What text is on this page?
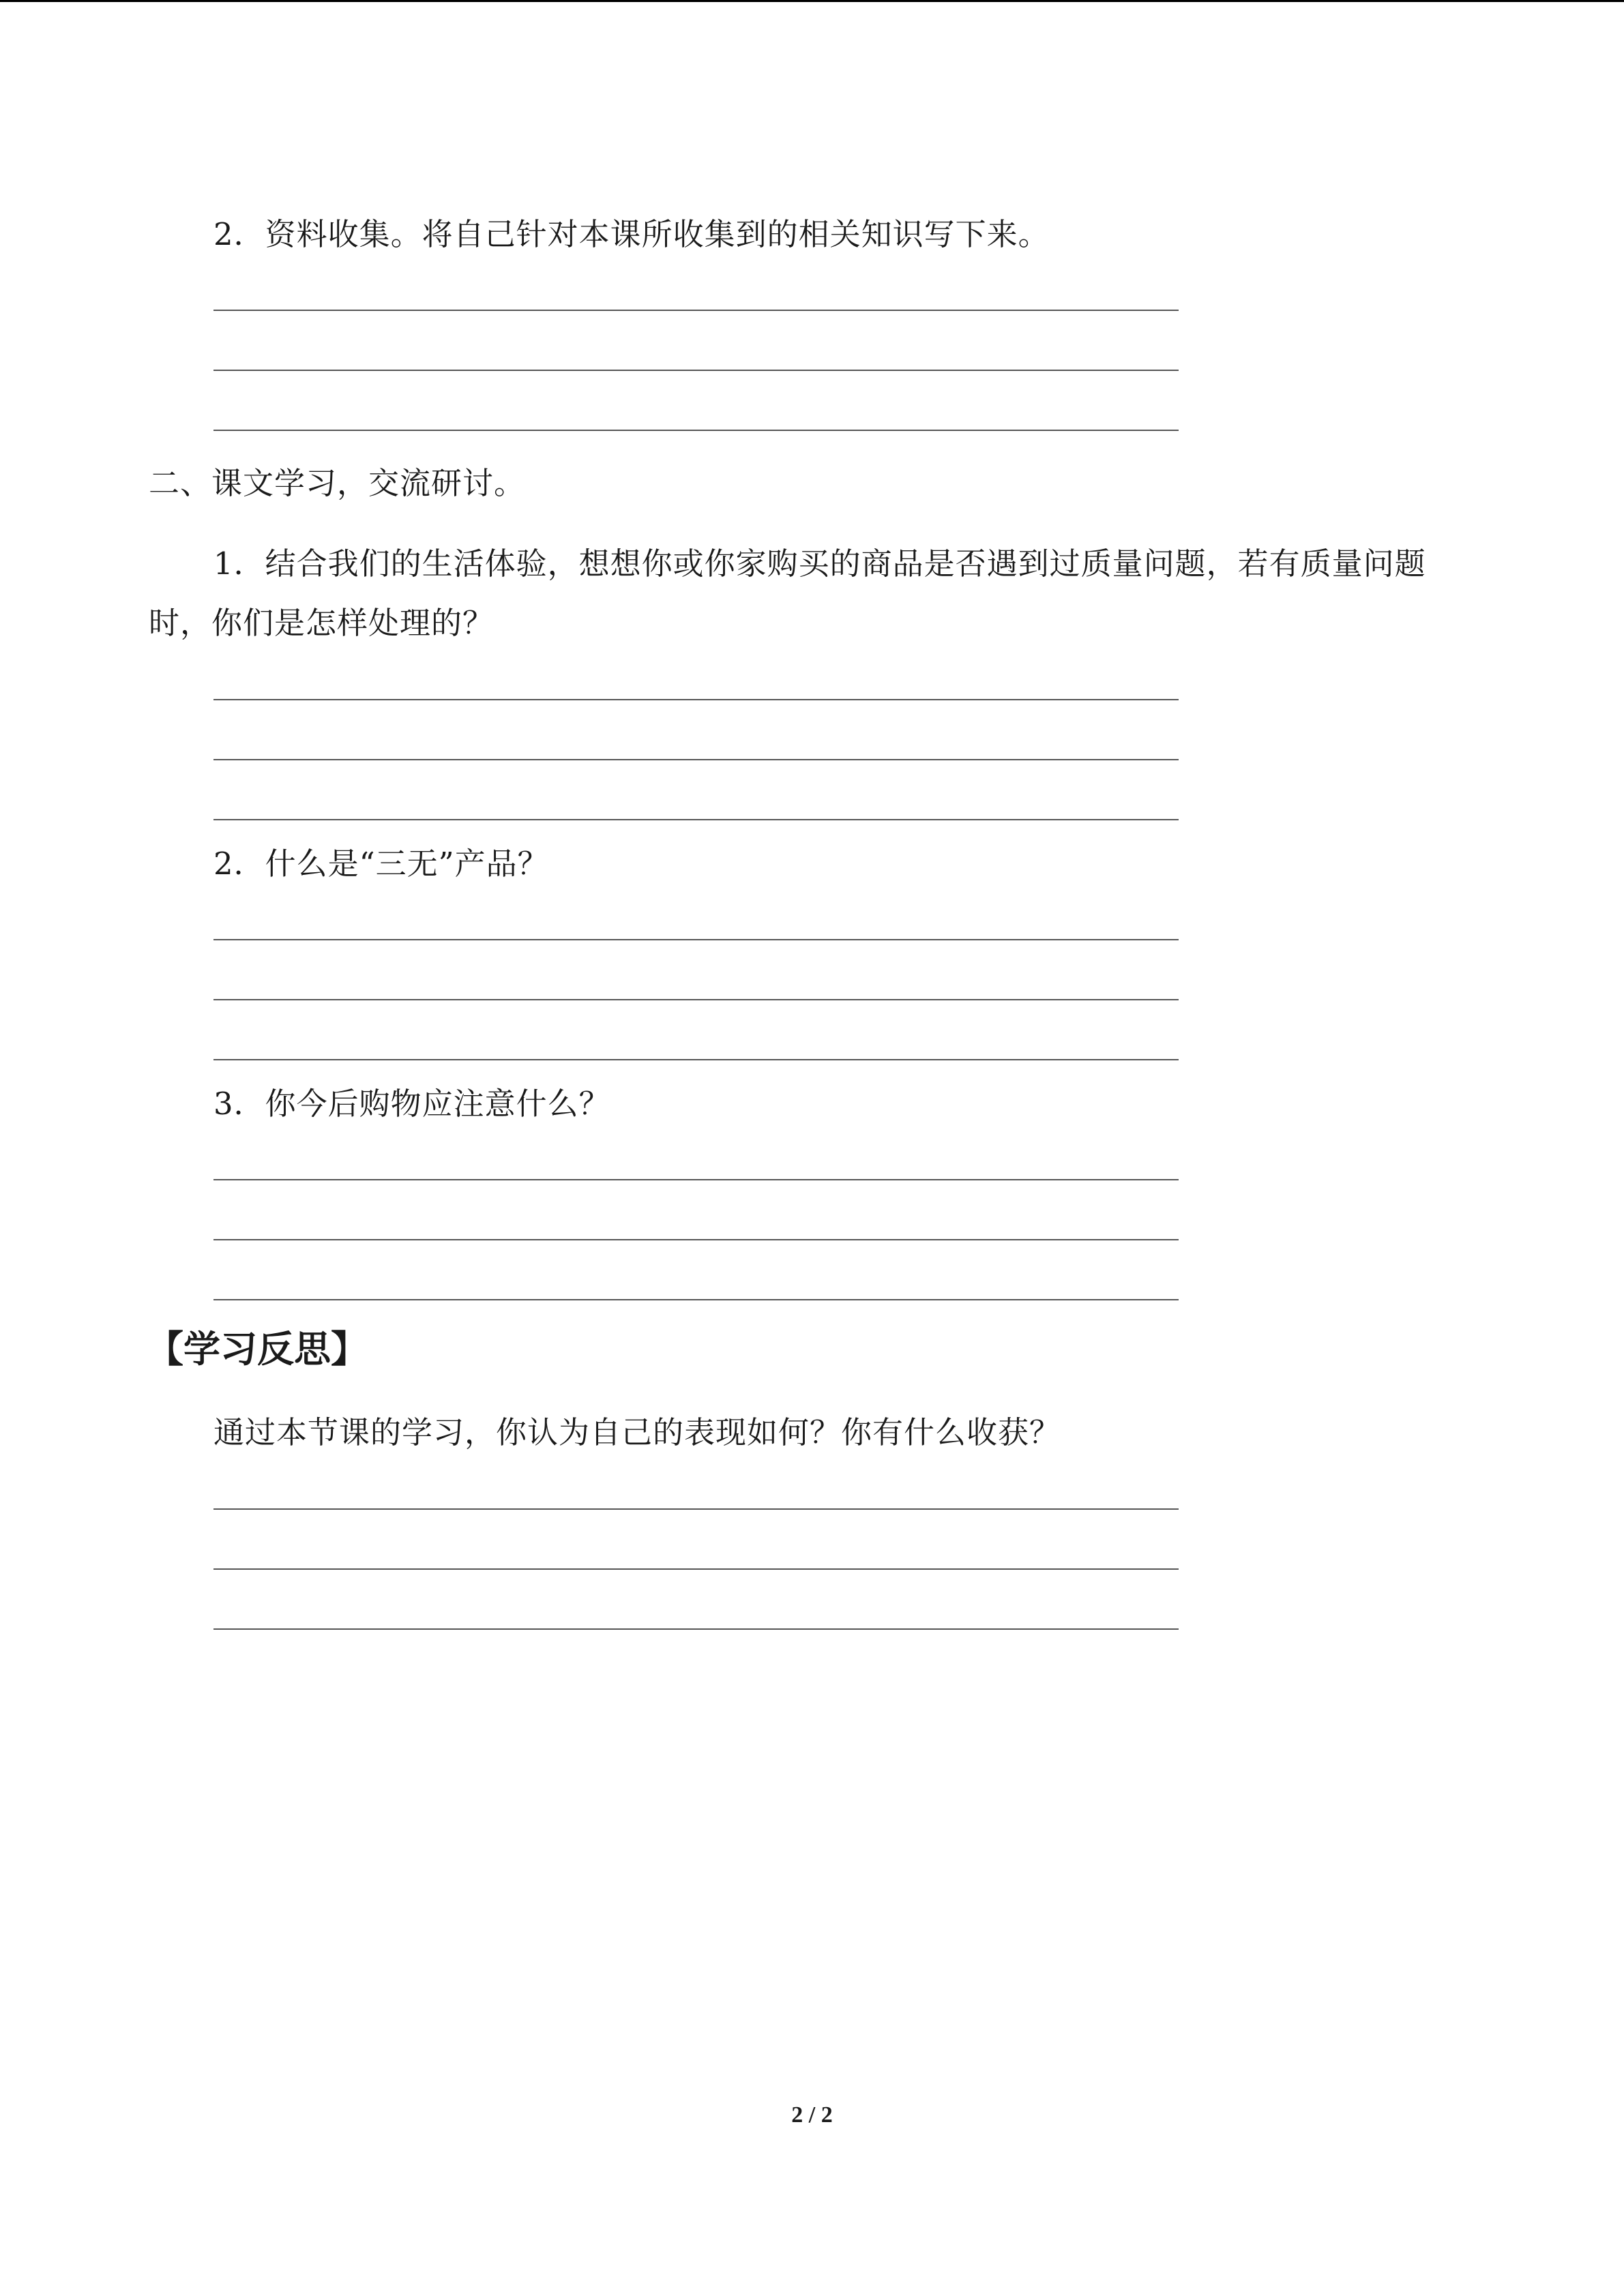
2．资料收集。将自己针对本课所收集到的相关知识写下来。
二、课文学习，交流研讨。
1．结合我们的生活体验，想想你或你家购买的商品是否遇到过质量问题，若有质量问题
时，你们是怎样处理的？
2．什么是“三无”产品？
3．你今后购物应注意什么？
【学习反思】
通过本节课的学习，你认为自己的表现如何？你有什么收获？
2 / 2
